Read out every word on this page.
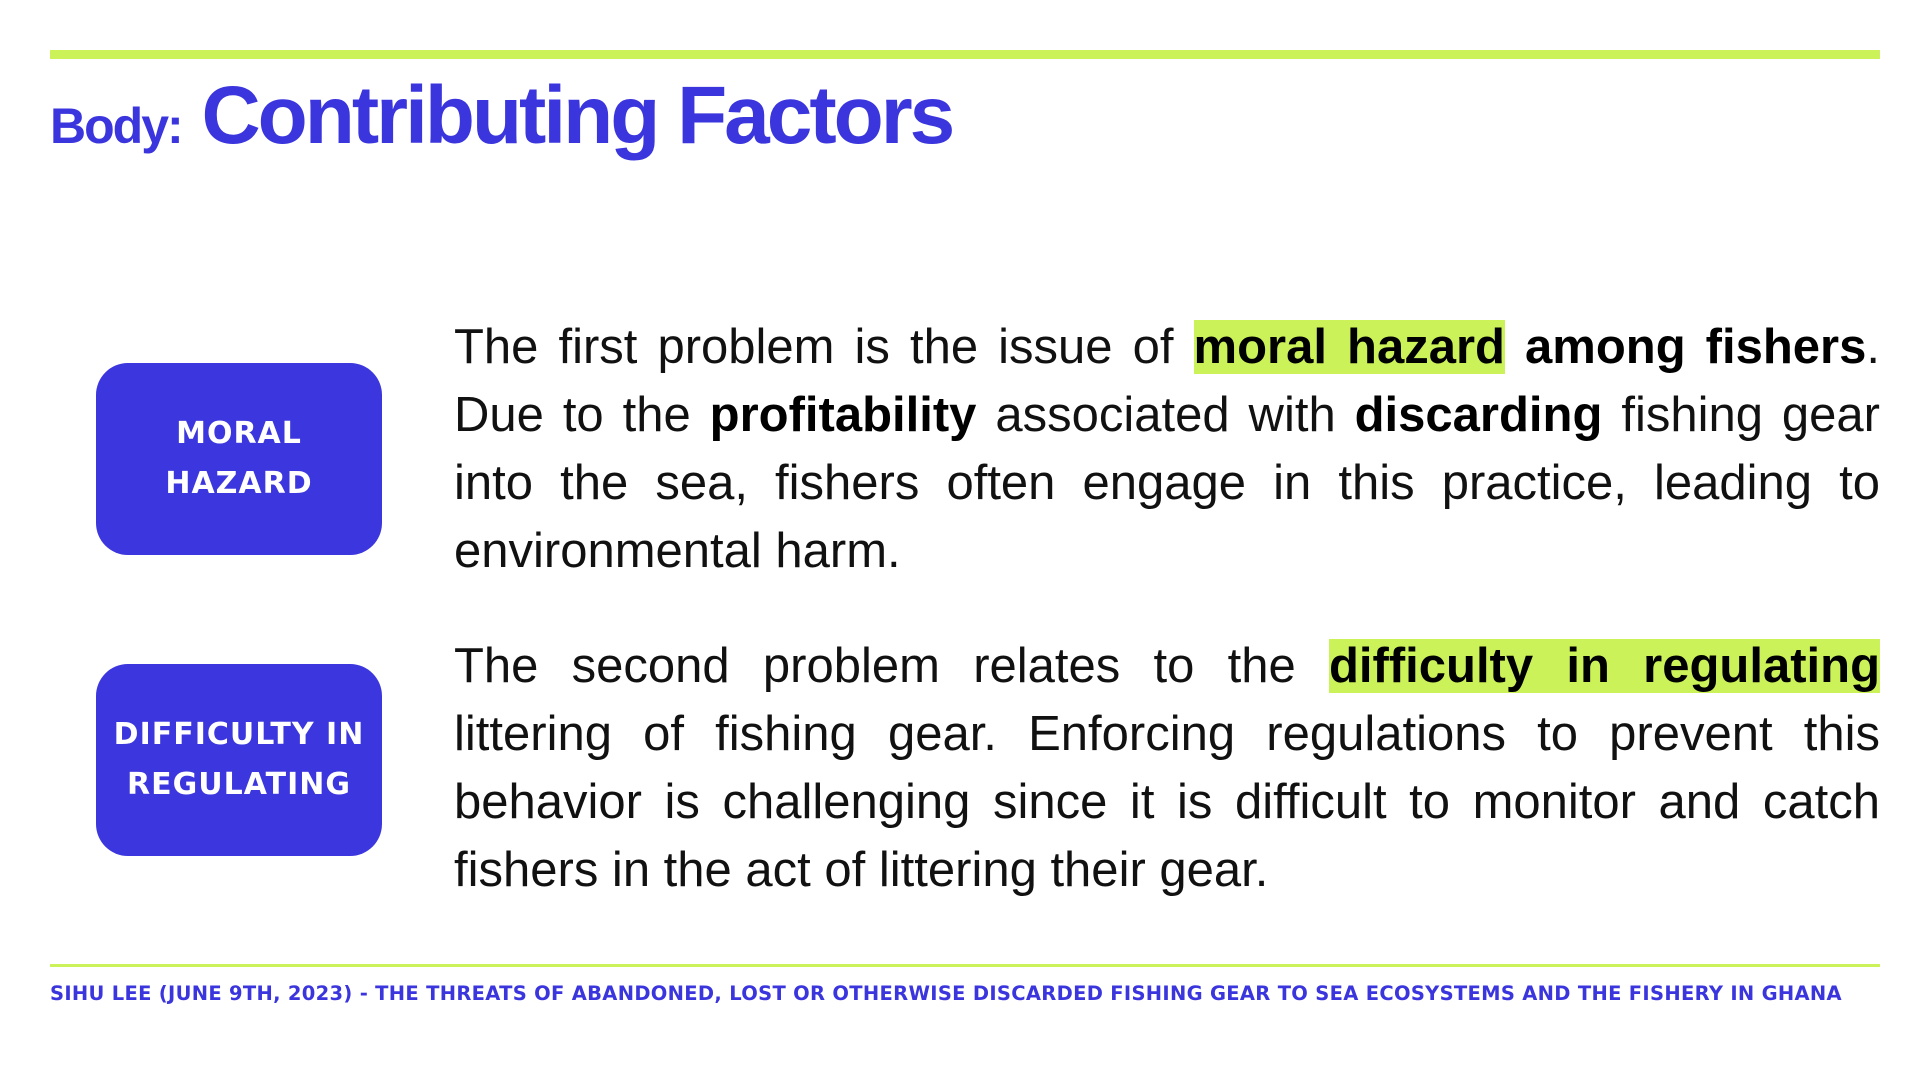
Body: Contributing Factors
MORAL HAZARD

The first problem is the issue of moral hazard among fishers. Due to the profitability associated with discarding fishing gear into the sea, fishers often engage in this practice, leading to environmental harm.

DIFFICULTY IN
REGULATING

The second problem relates to the difficulty in regulating littering of fishing gear. Enforcing regulations to prevent this behavior is challenging since it is difficult to monitor and catch fishers in the act of littering their gear.

SIHU LEE (JUNE 9TH, 2023) - THE THREATS OF ABANDONED, LOST OR OTHERWISE DISCARDED FISHING GEAR TO SEA ECOSYSTEMS AND THE FISHERY IN GHANA
